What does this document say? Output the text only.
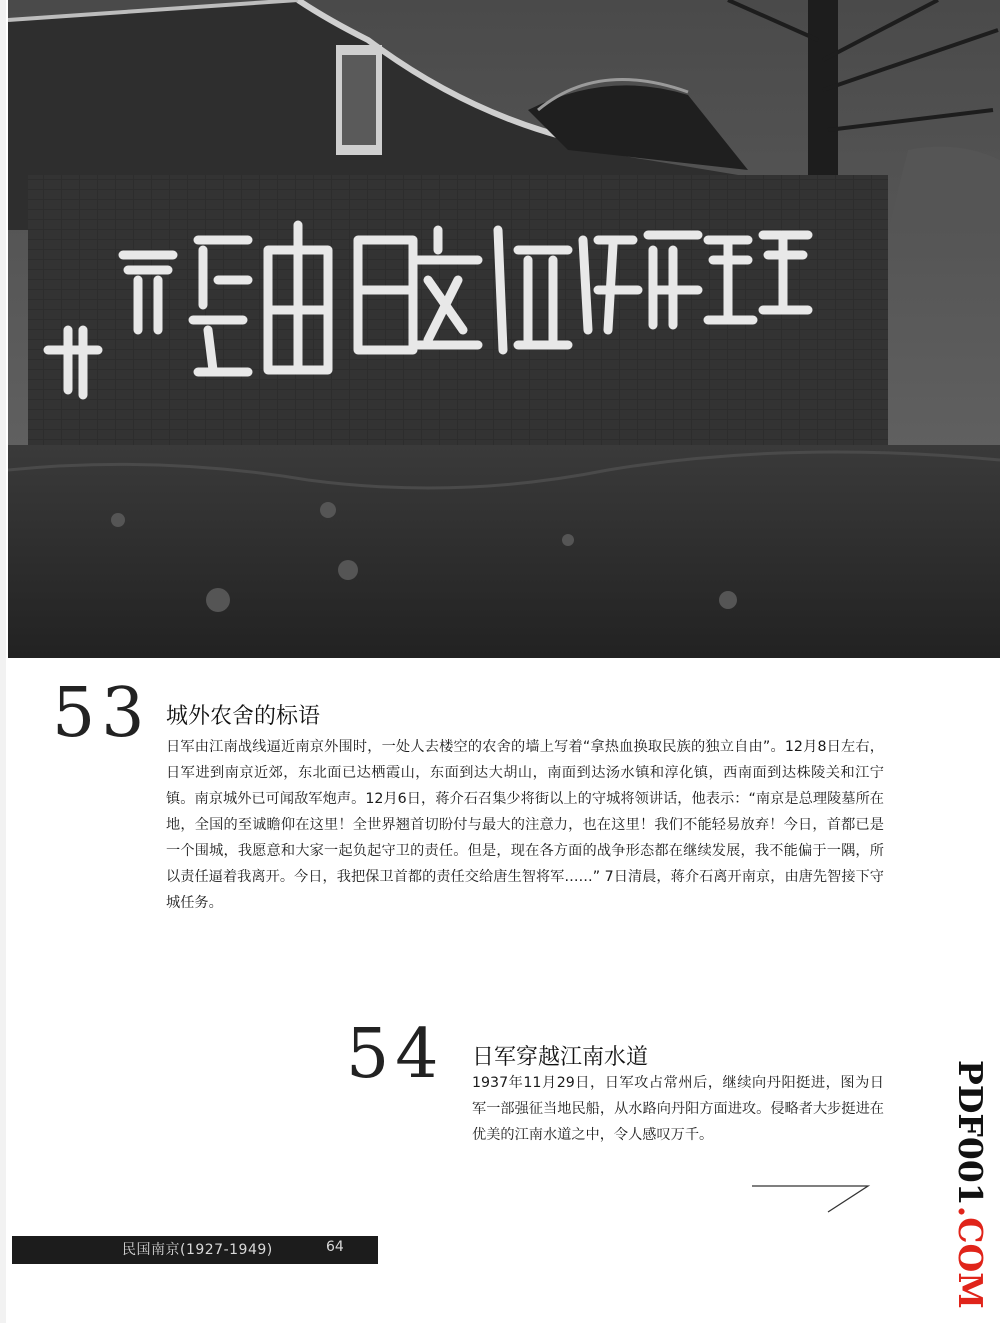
53 城外农舍的标语
日军由江南战线逼近南京外围时，一处人去楼空的农舍的墙上写着“拿热血换取民族的独立自由”。12月8日左右，日军进到南京近郊，东北面已达栖霞山，东面到达大胡山，南面到达汤水镇和淳化镇，西南面到达株陵关和江宁镇。南京城外已可闻敌军炮声。12月6日，蒋介石召集少将街以上的守城将领讲话，他表示：“南京是总理陵墓所在地，全国的至诚瞻仰在这里！全世界翘首切盼付与最大的注意力，也在这里！我们不能轻易放弃！今日，首都已是一个围城，我愿意和大家一起负起守卫的责任。但是，现在各方面的战争形态都在继续发展，我不能偏于一隅，所以责任逼着我离开。今日，我把保卫首都的责任交给唐生智将军……” 7日清晨，蒋介石离开南京，由唐先智接下守城任务。
54 日军穿越江南水道
1937年11月29日，日军攻占常州后，继续向丹阳挺进，图为日军一部强征当地民船，从水路向丹阳方面进攻。侵略者大步挺进在优美的江南水道之中，令人感叹万千。
民国南京(1927-1949)	64
PDF001.COM
